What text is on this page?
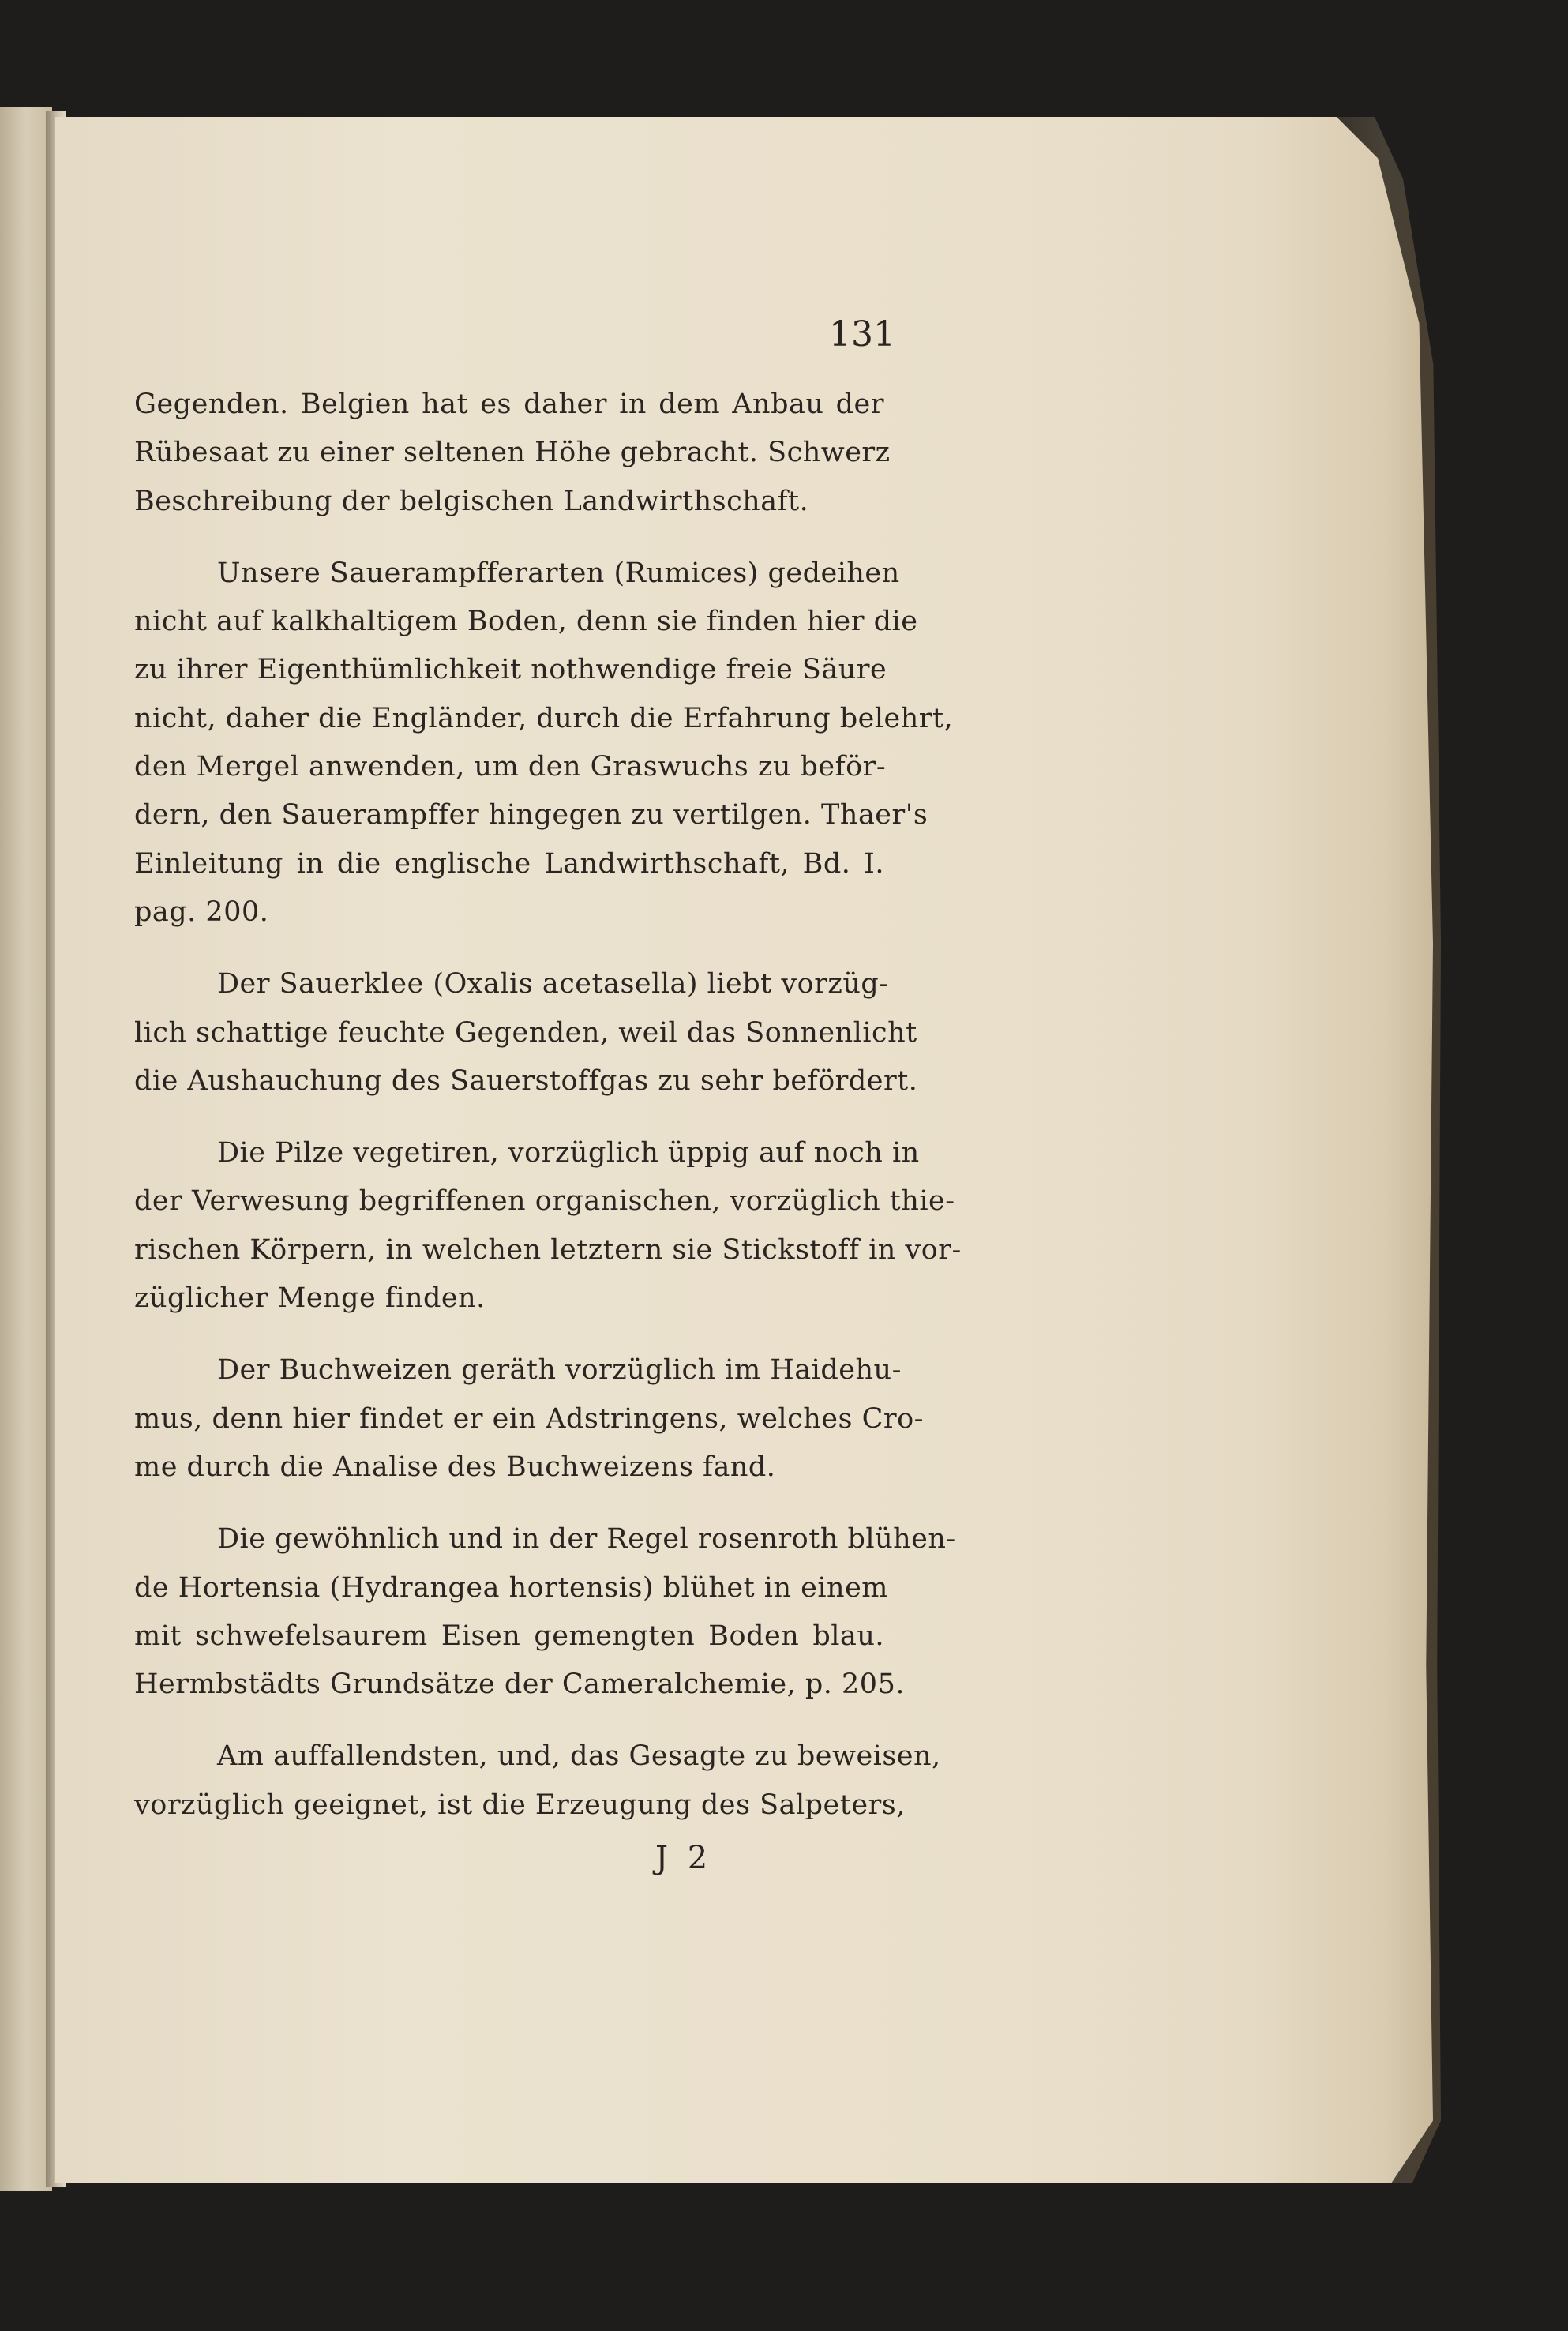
131
Gegenden. Belgien hat es daher in dem Anbau der
Rübesaat zu einer seltenen Höhe gebracht. Schwerz
Beschreibung der belgischen Landwirthschaft.
Unsere Sauerampfferarten (Rumices) gedeihen
nicht auf kalkhaltigem Boden, denn sie finden hier die
zu ihrer Eigenthümlichkeit nothwendige freie Säure
nicht, daher die Engländer, durch die Erfahrung belehrt,
den Mergel anwenden, um den Graswuchs zu beför-
dern, den Sauerampffer hingegen zu vertilgen. Thaer's
Einleitung in die englische Landwirthschaft, Bd. I.
pag. 200.
Der Sauerklee (Oxalis acetasella) liebt vorzüg-
lich schattige feuchte Gegenden, weil das Sonnenlicht
die Aushauchung des Sauerstoffgas zu sehr befördert.
Die Pilze vegetiren, vorzüglich üppig auf noch in
der Verwesung begriffenen organischen, vorzüglich thie-
rischen Körpern, in welchen letztern sie Stickstoff in vor-
züglicher Menge finden.
Der Buchweizen geräth vorzüglich im Haidehu-
mus, denn hier findet er ein Adstringens, welches Cro-
me durch die Analise des Buchweizens fand.
Die gewöhnlich und in der Regel rosenroth blühen-
de Hortensia (Hydrangea hortensis) blühet in einem
mit schwefelsaurem Eisen gemengten Boden blau.
Hermbstädts Grundsätze der Cameralchemie, p. 205.
Am auffallendsten, und, das Gesagte zu beweisen,
vorzüglich geeignet, ist die Erzeugung des Salpeters,
J 2
